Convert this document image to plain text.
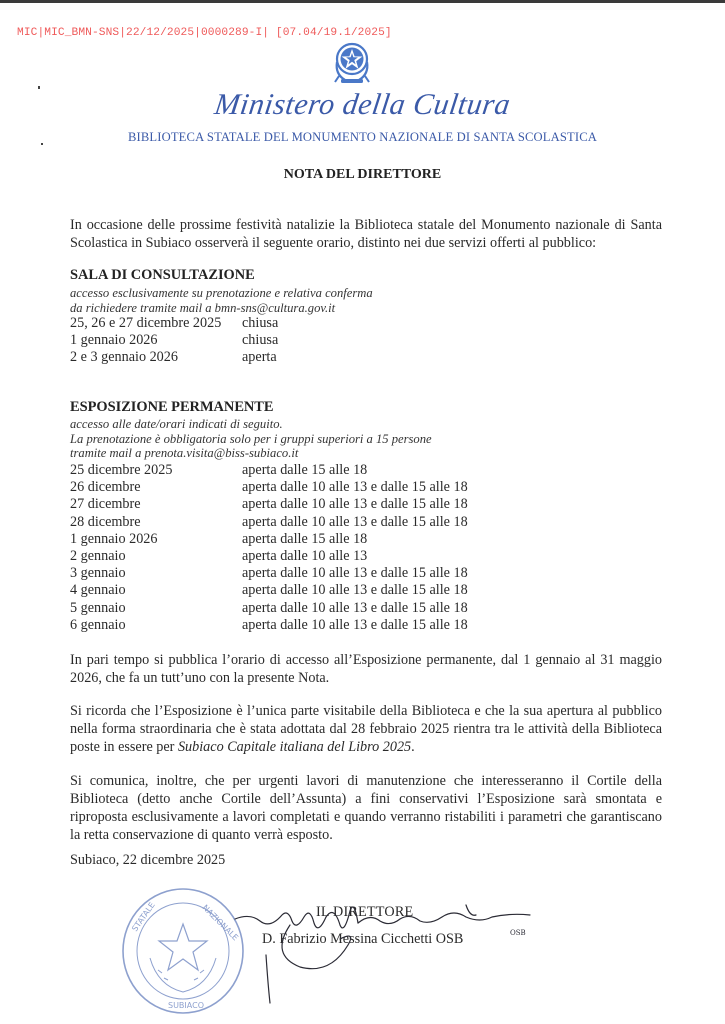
MIC|MIC_BMN-SNS|22/12/2025|0000289-I| [07.04/19.1/2025]
Ministero della Cultura
BIBLIOTECA STATALE DEL MONUMENTO NAZIONALE DI SANTA SCOLASTICA
NOTA DEL DIRETTORE
In occasione delle prossime festività natalizie la Biblioteca statale del Monumento nazionale di Santa Scolastica in Subiaco osserverà il seguente orario, distinto nei due servizi offerti al pubblico:
SALA DI CONSULTAZIONE
accesso esclusivamente su prenotazione e relativa conferma
da richiedere tramite mail a bmn-sns@cultura.gov.it
25, 26 e 27 dicembre 2025 chiusa
1 gennaio 2026	chiusa
2 e 3 gennaio 2026	aperta
ESPOSIZIONE PERMANENTE
accesso alle date/orari indicati di seguito.
La prenotazione è obbligatoria solo per i gruppi superiori a 15 persone
tramite mail a prenota.visita@biss-subiaco.it
25 dicembre 2025	aperta dalle 15 alle 18
26 dicembre	aperta dalle 10 alle 13 e dalle 15 alle 18
27 dicembre	aperta dalle 10 alle 13 e dalle 15 alle 18
28 dicembre	aperta dalle 10 alle 13 e dalle 15 alle 18
1 gennaio 2026	aperta dalle 15 alle 18
2 gennaio	aperta dalle 10 alle 13
3 gennaio	aperta dalle 10 alle 13 e dalle 15 alle 18
4 gennaio	aperta dalle 10 alle 13 e dalle 15 alle 18
5 gennaio	aperta dalle 10 alle 13 e dalle 15 alle 18
6 gennaio	aperta dalle 10 alle 13 e dalle 15 alle 18
In pari tempo si pubblica l’orario di accesso all’Esposizione permanente, dal 1 gennaio al 31 maggio 2026, che fa un tutt’uno con la presente Nota.
Si ricorda che l’Esposizione è l’unica parte visitabile della Biblioteca e che la sua apertura al pubblico nella forma straordinaria che è stata adottata dal 28 febbraio 2025 rientra tra le attività della Biblioteca poste in essere per Subiaco Capitale italiana del Libro 2025.
Si comunica, inoltre, che per urgenti lavori di manutenzione che interesseranno il Cortile della Biblioteca (detto anche Cortile dell’Assunta) a fini conservativi l’Esposizione sarà smontata e riproposta esclusivamente a lavori completati e quando verranno ristabiliti i parametri che garantiscano la retta conservazione di quanto verrà esposto.
Subiaco, 22 dicembre 2025
STATALE	NAZIONALE
SUBIACO
IL DIRETTORE
D. Fabrizio Messina Cicchetti OSB	OSB
